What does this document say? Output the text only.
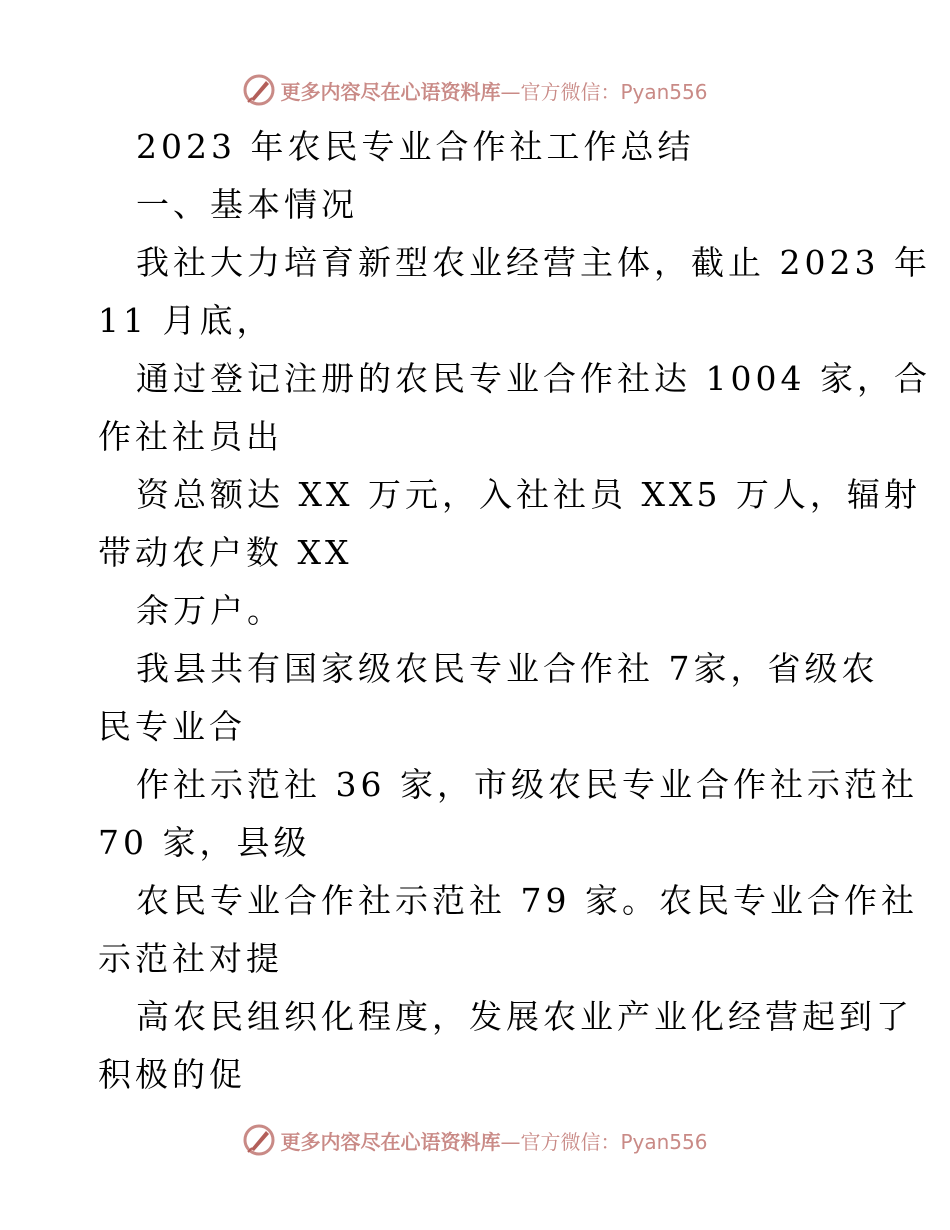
更多内容尽在心语资料库—官方微信：Pyan556
2023 年农民专业合作社工作总结
一、基本情况
我社大力培育新型农业经营主体，截止 2023 年
11 月底，
通过登记注册的农民专业合作社达 1004 家，合
作社社员出
资总额达 XX 万元，入社社员 XX5 万人，辐射
带动农户数 XX
余万户。
我县共有国家级农民专业合作社 7家，省级农
民专业合
作社示范社 36 家，市级农民专业合作社示范社
70 家，县级
农民专业合作社示范社 79 家。农民专业合作社
示范社对提
高农民组织化程度，发展农业产业化经营起到了
积极的促
更多内容尽在心语资料库—官方微信：Pyan556
